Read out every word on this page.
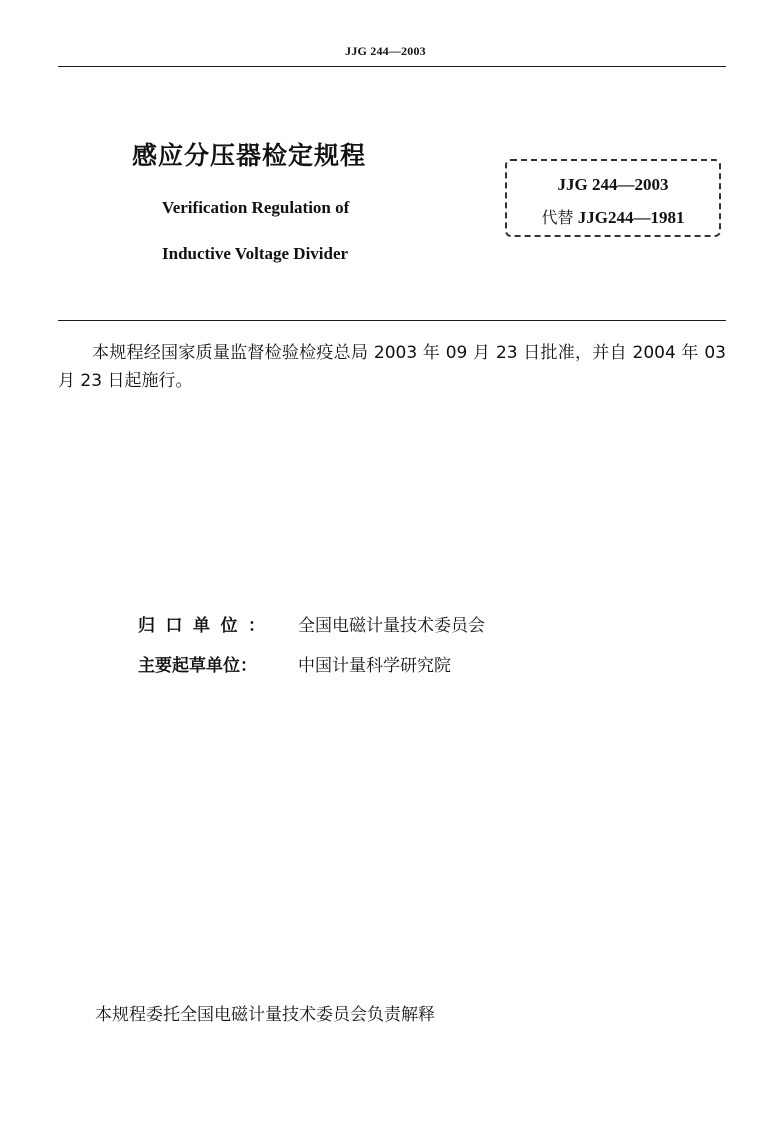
JJG 244—2003
感应分压器检定规程
Verification Regulation of
Inductive Voltage Divider
JJG 244—2003
代替 JJG244—1981
本规程经国家质量监督检验检疫总局 2003 年 09 月 23 日批准，并自 2004 年 03 月 23 日起施行。
归口单位： 全国电磁计量技术委员会
主要起草单位： 中国计量科学研究院
本规程委托全国电磁计量技术委员会负责解释
